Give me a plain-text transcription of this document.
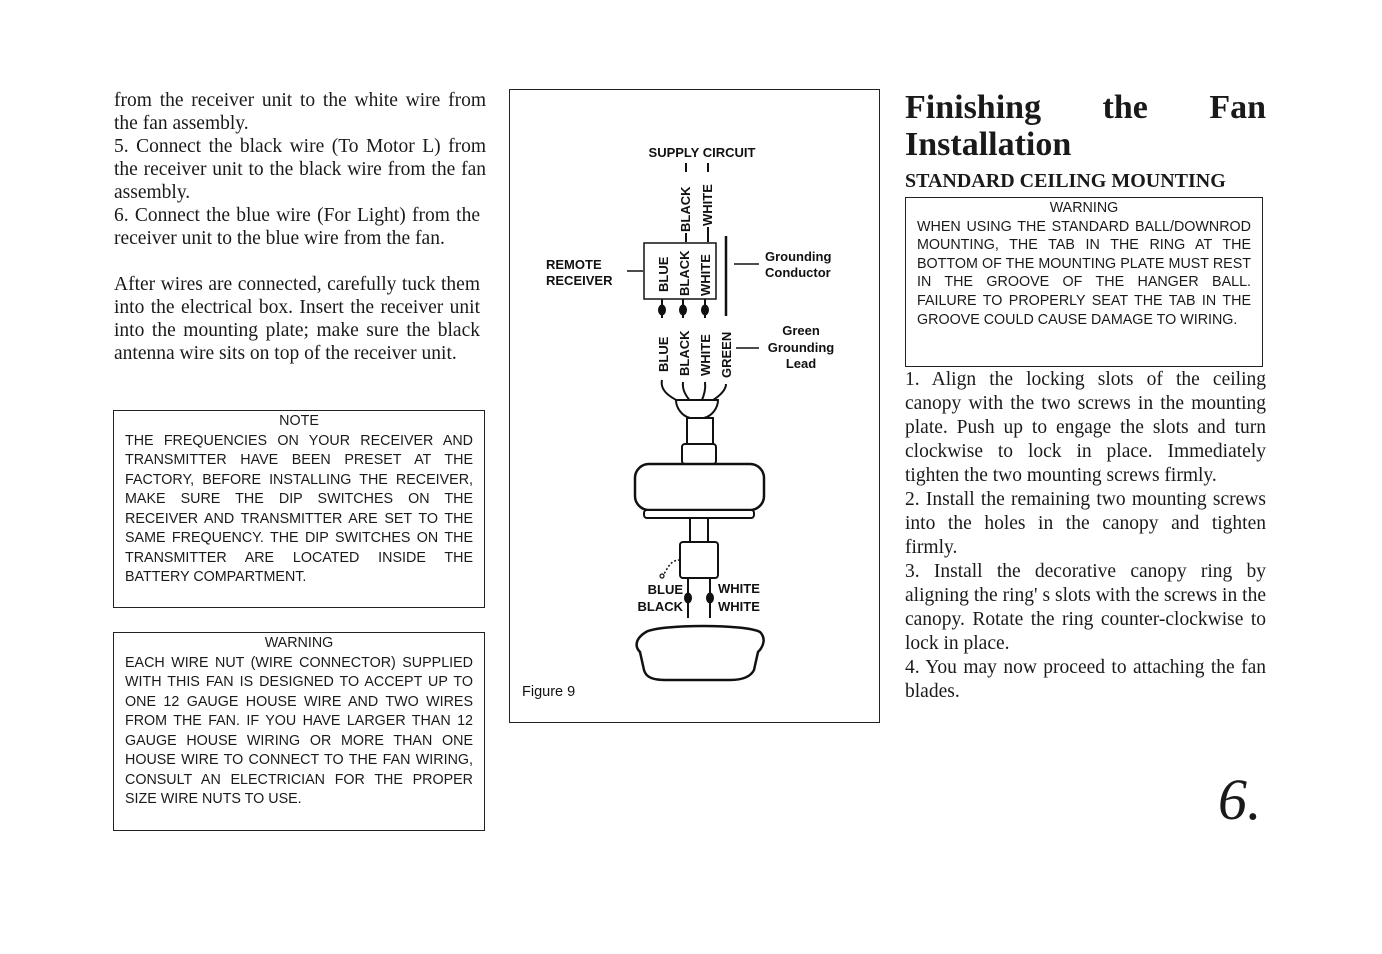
from the receiver unit to the white wire from the fan assembly.

5. Connect the black wire (To Motor L) from the receiver unit to the black wire from the fan assembly.

6. Connect the blue wire (For Light) from the receiver unit to the blue wire from the fan.

After wires are connected, carefully tuck them into the electrical box. Insert the receiver unit into the mounting plate; make sure the black antenna wire sits on top of the receiver unit.

NOTE

THE FREQUENCIES ON YOUR RECEIVER AND TRANSMITTER HAVE BEEN PRESET AT THE FACTORY, BEFORE INSTALLING THE RECEIVER, MAKE SURE THE DIP SWITCHES ON THE RECEIVER AND TRANSMITTER ARE SET TO THE SAME FREQUENCY. THE DIP SWITCHES ON THE TRANSMITTER ARE LOCATED INSIDE THE BATTERY COMPARTMENT.

WARNING

EACH WIRE NUT (WIRE CONNECTOR) SUPPLIED WITH THIS FAN IS DESIGNED TO ACCEPT UP TO ONE 12 GAUGE HOUSE WIRE AND TWO WIRES FROM THE FAN. IF YOU HAVE LARGER THAN 12 GAUGE HOUSE WIRING OR MORE THAN ONE HOUSE WIRE TO CONNECT TO THE FAN WIRING, CONSULT AN ELECTRICIAN FOR THE PROPER SIZE WIRE NUTS TO USE.

SUPPLY CIRCUIT
BLACK WHITE
REMOTE
RECEIVER	BLUE BLACK WHITE	Grounding
Conductor
BLUE BLACK WHITE GREEN
Green
Grounding
Lead
BLUE
BLACK
WHITE
WHITE
Figure 9
Finishing the Fan Installation
STANDARD CEILING MOUNTING
WARNING

WHEN USING THE STANDARD BALL/DOWNROD MOUNTING, THE TAB IN THE RING AT THE BOTTOM OF THE MOUNTING PLATE MUST REST IN THE GROOVE OF THE HANGER BALL. FAILURE TO PROPERLY SEAT THE TAB IN THE GROOVE COULD CAUSE DAMAGE TO WIRING.

1. Align the locking slots of the ceiling canopy with the two screws in the mounting plate. Push up to engage the slots and turn clockwise to lock in place. Immediately tighten the two mounting screws firmly.

2. Install the remaining two mounting screws into the holes in the canopy and tighten firmly.

3. Install the decorative canopy ring by aligning the ring' s slots with the screws in the canopy. Rotate the ring counter-clockwise to lock in place.

4. You may now proceed to attaching the fan blades.

6.
